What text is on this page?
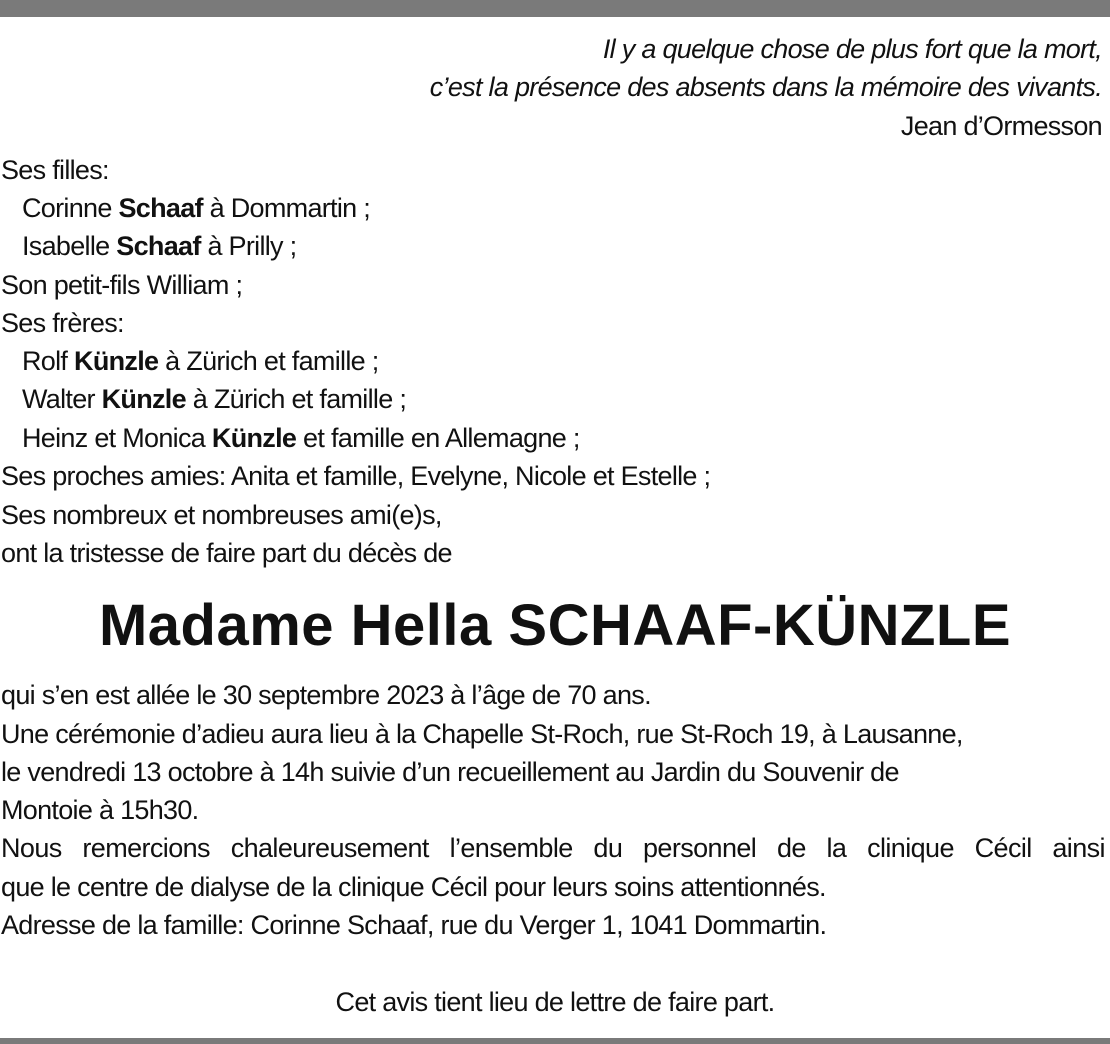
Il y a quelque chose de plus fort que la mort,
c’est la présence des absents dans la mémoire des vivants.
Jean d’Ormesson
Ses filles:
Corinne Schaaf à Dommartin ;
Isabelle Schaaf à Prilly ;
Son petit-fils William ;
Ses frères:
Rolf Künzle à Zürich et famille ;
Walter Künzle à Zürich et famille ;
Heinz et Monica Künzle et famille en Allemagne ;
Ses proches amies: Anita et famille, Evelyne, Nicole et Estelle ;
Ses nombreux et nombreuses ami(e)s,
ont la tristesse de faire part du décès de
Madame Hella SCHAAF-KÜNZLE
qui s’en est allée le 30 septembre 2023 à l’âge de 70 ans.
Une cérémonie d’adieu aura lieu à la Chapelle St-Roch, rue St-Roch 19, à Lausanne,
le vendredi 13 octobre à 14h suivie d’un recueillement au Jardin du Souvenir de
Montoie à 15h30.
Nous remercions chaleureusement l’ensemble du personnel de la clinique Cécil ainsi
que le centre de dialyse de la clinique Cécil pour leurs soins attentionnés.
Adresse de la famille: Corinne Schaaf, rue du Verger 1, 1041 Dommartin.
Cet avis tient lieu de lettre de faire part.
